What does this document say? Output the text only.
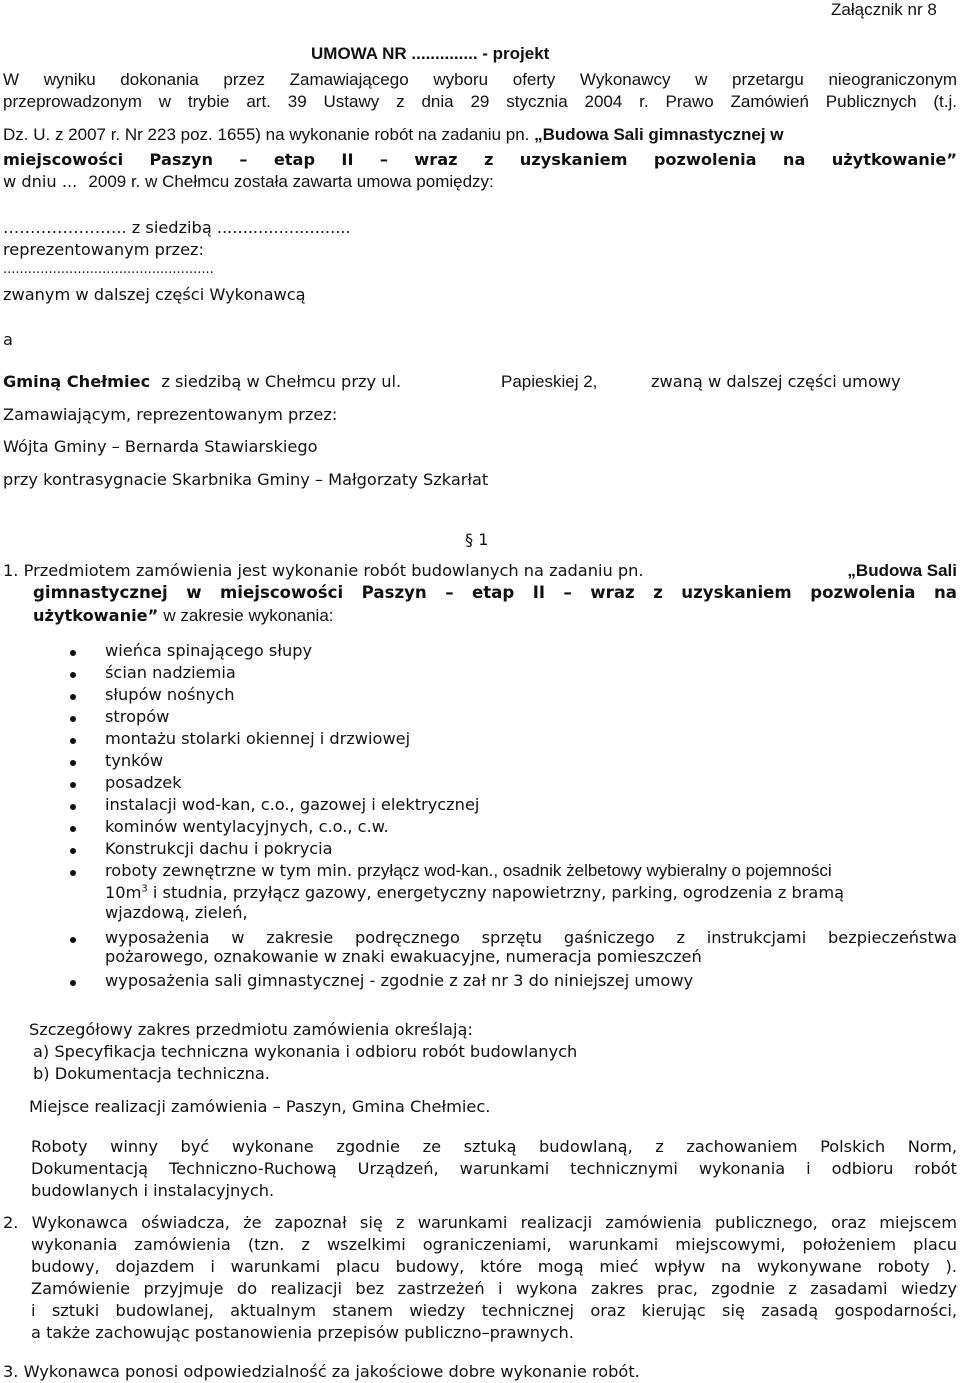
Załącznik nr 8
UMOWA NR .............. - projekt
W wyniku dokonania przez Zamawiającego wyboru oferty Wykonawcy w przetargu nieograniczonym
przeprowadzonym w trybie art. 39 Ustawy z dnia 29 stycznia 2004 r. Prawo Zamówień Publicznych (t.j.
Dz. U. z 2007 r. Nr 223 poz. 1655) na wykonanie robót na zadaniu pn. „Budowa Sali gimnastycznej w
miejscowości Paszyn – etap II – wraz z uzyskaniem pozwolenia na użytkowanie”
w dniu ... 2009 r. w Chełmcu została zawarta umowa pomiędzy:
………………….. z siedzibą ..........................
reprezentowanym przez:
...................................................
zwanym w dalszej części Wykonawcą
a
Gminą Chełmiec z siedzibą w Chełmcu przy ul.	Papieskiej 2,	zwaną w dalszej części umowy
Zamawiającym, reprezentowanym przez:
Wójta Gminy – Bernarda Stawiarskiego
przy kontrasygnacie Skarbnika Gminy – Małgorzaty Szkarłat
§ 1
1. Przedmiotem zamówienia jest wykonanie robót budowlanych na zadaniu pn.	„Budowa Sali
gimnastycznej w miejscowości Paszyn – etap II – wraz z uzyskaniem pozwolenia na
użytkowanie” w zakresie wykonania:
wieńca spinającego słupy
ścian nadziemia
słupów nośnych
stropów
montażu stolarki okiennej i drzwiowej
tynków
posadzek
instalacji wod-kan, c.o., gazowej i elektrycznej
kominów wentylacyjnych, c.o., c.w.
Konstrukcji dachu i pokrycia
roboty zewnętrzne w tym min. przyłącz wod-kan., osadnik żelbetowy wybieralny o pojemności
$10m^3$ i studnia, przyłącz gazowy, energetyczny napowietrzny, parking, ogrodzenia z bramą
wjazdową, zieleń,
wyposażenia w zakresie podręcznego sprzętu gaśniczego z instrukcjami bezpieczeństwa
pożarowego, oznakowanie w znaki ewakuacyjne, numeracja pomieszczeń
wyposażenia sali gimnastycznej - zgodnie z zał nr 3 do niniejszej umowy
Szczegółowy zakres przedmiotu zamówienia określają:
a) Specyfikacja techniczna wykonania i odbioru robót budowlanych
b) Dokumentacja techniczna.
Miejsce realizacji zamówienia – Paszyn, Gmina Chełmiec.
Roboty winny być wykonane zgodnie ze sztuką budowlaną, z zachowaniem Polskich Norm,
Dokumentacją Techniczno-Ruchową Urządzeń, warunkami technicznymi wykonania i odbioru robót
budowlanych i instalacyjnych.
2. Wykonawca oświadcza, że zapoznał się z warunkami realizacji zamówienia publicznego, oraz miejscem
wykonania zamówienia (tzn. z wszelkimi ograniczeniami, warunkami miejscowymi, położeniem placu
budowy, dojazdem i warunkami placu budowy, które mogą mieć wpływ na wykonywane roboty ).
Zamówienie przyjmuje do realizacji bez zastrzeżeń i wykona zakres prac, zgodnie z zasadami wiedzy
i sztuki budowlanej, aktualnym stanem wiedzy technicznej oraz kierując się zasadą gospodarności,
a także zachowując postanowienia przepisów publiczno–prawnych.
3. Wykonawca ponosi odpowiedzialność za jakościowe dobre wykonanie robót.
